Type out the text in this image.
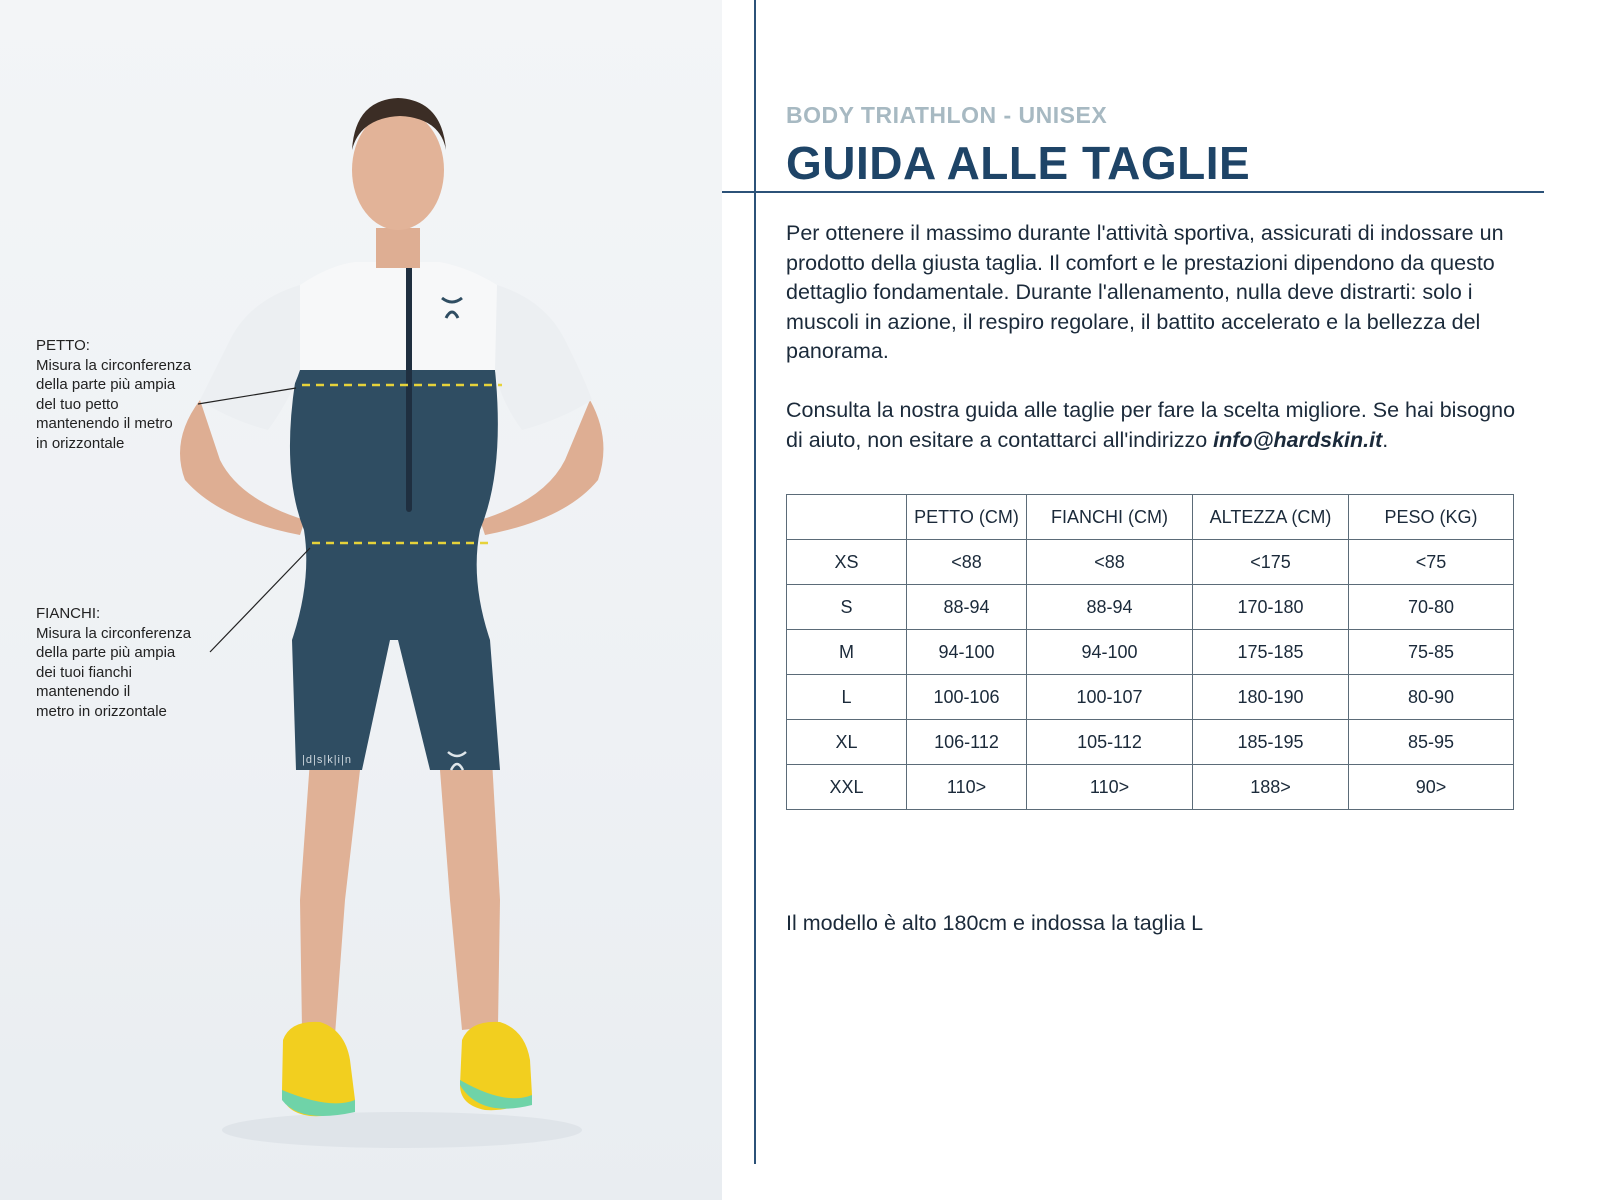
|d|s|k|i|n
PETTO:
Misura la circonferenza
della parte più ampia
del tuo petto
mantenendo il metro
in orizzontale
FIANCHI:
Misura la circonferenza
della parte più ampia
dei tuoi fianchi
mantenendo il
metro in orizzontale
BODY TRIATHLON - UNISEX
GUIDA ALLE TAGLIE

Per ottenere il massimo durante l'attività sportiva, assicurati di indossare un prodotto della giusta taglia. Il comfort e le prestazioni dipendono da questo dettaglio fondamentale. Durante l'allenamento, nulla deve distrarti: solo i muscoli in azione, il respiro regolare, il battito accelerato e la bellezza del panorama.

Consulta la nostra guida alle taglie per fare la scelta migliore. Se hai bisogno di aiuto, non esitare a contattarci all'indirizzo info@hardskin.it.

	PETTO (CM)	FIANCHI (CM)	ALTEZZA (CM)	PESO (KG)
XS	<88	<88	<175	<75
S	88-94	88-94	170-180	70-80
M	94-100	94-100	175-185	75-85
L	100-106	100-107	180-190	80-90
XL	106-112	105-112	185-195	85-95
XXL	110>	110>	188>	90>
Il modello è alto 180cm e indossa la taglia L
